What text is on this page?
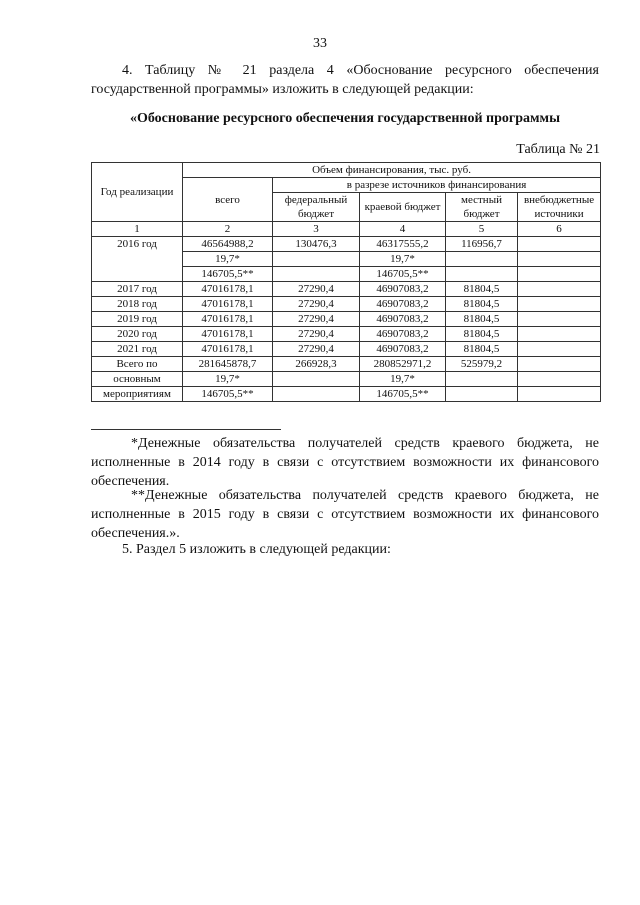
33
4. Таблицу № 21 раздела 4 «Обоснование ресурсного обеспечения государственной программы» изложить в следующей редакции:
«Обоснование ресурсного обеспечения государственной программы
Таблица № 21
Год реализации	Объем финансирования, тыс. руб.				
	всего	в разрезе источников финансирования			
		федеральный бюджет	краевой бюджет	местный бюджет	внебюджетные источники
1	2	3	4	5	6
2016 год	46564988,2	130476,3	46317555,2	116956,7	
	19,7*		19,7*		
	146705,5**		146705,5**		
2017 год	47016178,1	27290,4	46907083,2	81804,5	
2018 год	47016178,1	27290,4	46907083,2	81804,5	
2019 год	47016178,1	27290,4	46907083,2	81804,5	
2020 год	47016178,1	27290,4	46907083,2	81804,5	
2021 год	47016178,1	27290,4	46907083,2	81804,5	
Всего по	281645878,7	266928,3	280852971,2	525979,2	
основным	19,7*		19,7*		
мероприятиям	146705,5**		146705,5**		
*Денежные обязательства получателей средств краевого бюджета, не исполненные в 2014 году в связи с отсутствием возможности их финансового обеспечения.
**Денежные обязательства получателей средств краевого бюджета, не исполненные в 2015 году в связи с отсутствием возможности их финансового обеспечения.».
5. Раздел 5 изложить в следующей редакции:
